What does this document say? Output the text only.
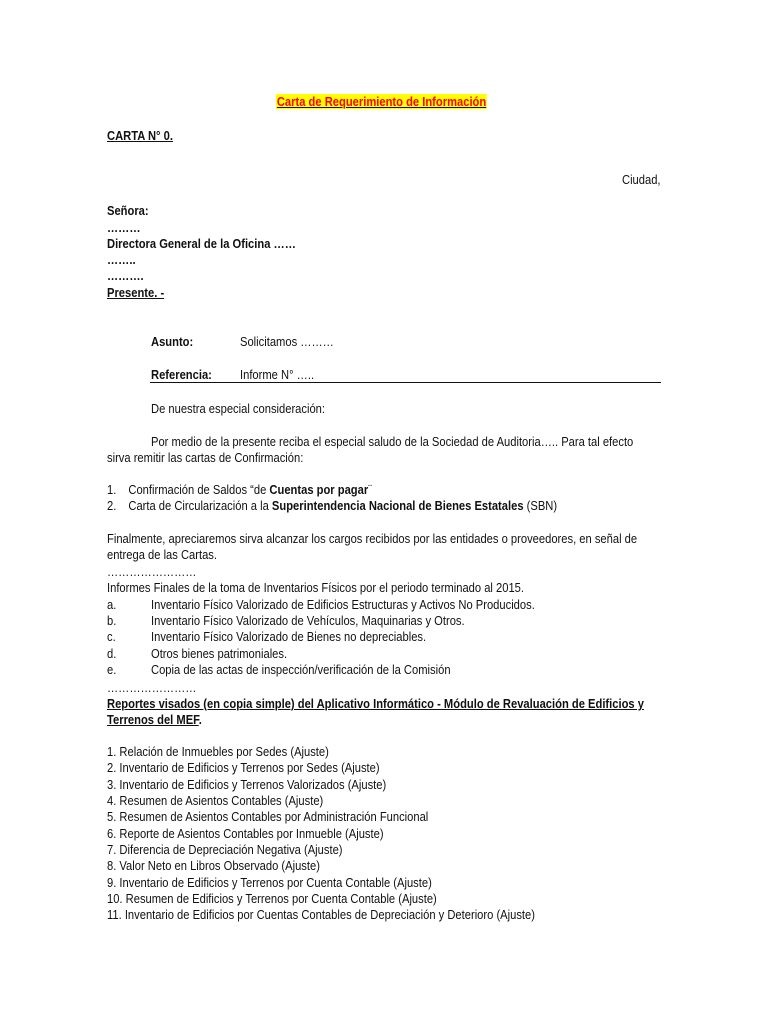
Carta de Requerimiento de Información
CARTA N° 0.
Ciudad,
Señora:
………
Directora General de la Oficina ……
……..
……….
Presente. -
Asunto:	Solicitamos ………
Referencia: Informe N° …..
De nuestra especial consideración:
Por medio de la presente reciba el especial saludo de la Sociedad de Auditoria….. Para tal efecto
sirva remitir las cartas de Confirmación:
1. Confirmación de Saldos “de Cuentas por pagar¨
2. Carta de Circularización a la Superintendencia Nacional de Bienes Estatales (SBN)
Finalmente, apreciaremos sirva alcanzar los cargos recibidos por las entidades o proveedores, en señal de
entrega de las Cartas.
……………………
Informes Finales de la toma de Inventarios Físicos por el periodo terminado al 2015.
a.	Inventario Físico Valorizado de Edificios Estructuras y Activos No Producidos.
b.	Inventario Físico Valorizado de Vehículos, Maquinarias y Otros.
c.	Inventario Físico Valorizado de Bienes no depreciables.
d.	Otros bienes patrimoniales.
e.	Copia de las actas de inspección/verificación de la Comisión
……………………
Reportes visados (en copia simple) del Aplicativo Informático - Módulo de Revaluación de Edificios y
Terrenos del MEF.
1. Relación de Inmuebles por Sedes (Ajuste)
2. Inventario de Edificios y Terrenos por Sedes (Ajuste)
3. Inventario de Edificios y Terrenos Valorizados (Ajuste)
4. Resumen de Asientos Contables (Ajuste)
5. Resumen de Asientos Contables por Administración Funcional
6. Reporte de Asientos Contables por Inmueble (Ajuste)
7. Diferencia de Depreciación Negativa (Ajuste)
8. Valor Neto en Libros Observado (Ajuste)
9. Inventario de Edificios y Terrenos por Cuenta Contable (Ajuste)
10. Resumen de Edificios y Terrenos por Cuenta Contable (Ajuste)
11. Inventario de Edificios por Cuentas Contables de Depreciación y Deterioro (Ajuste)
